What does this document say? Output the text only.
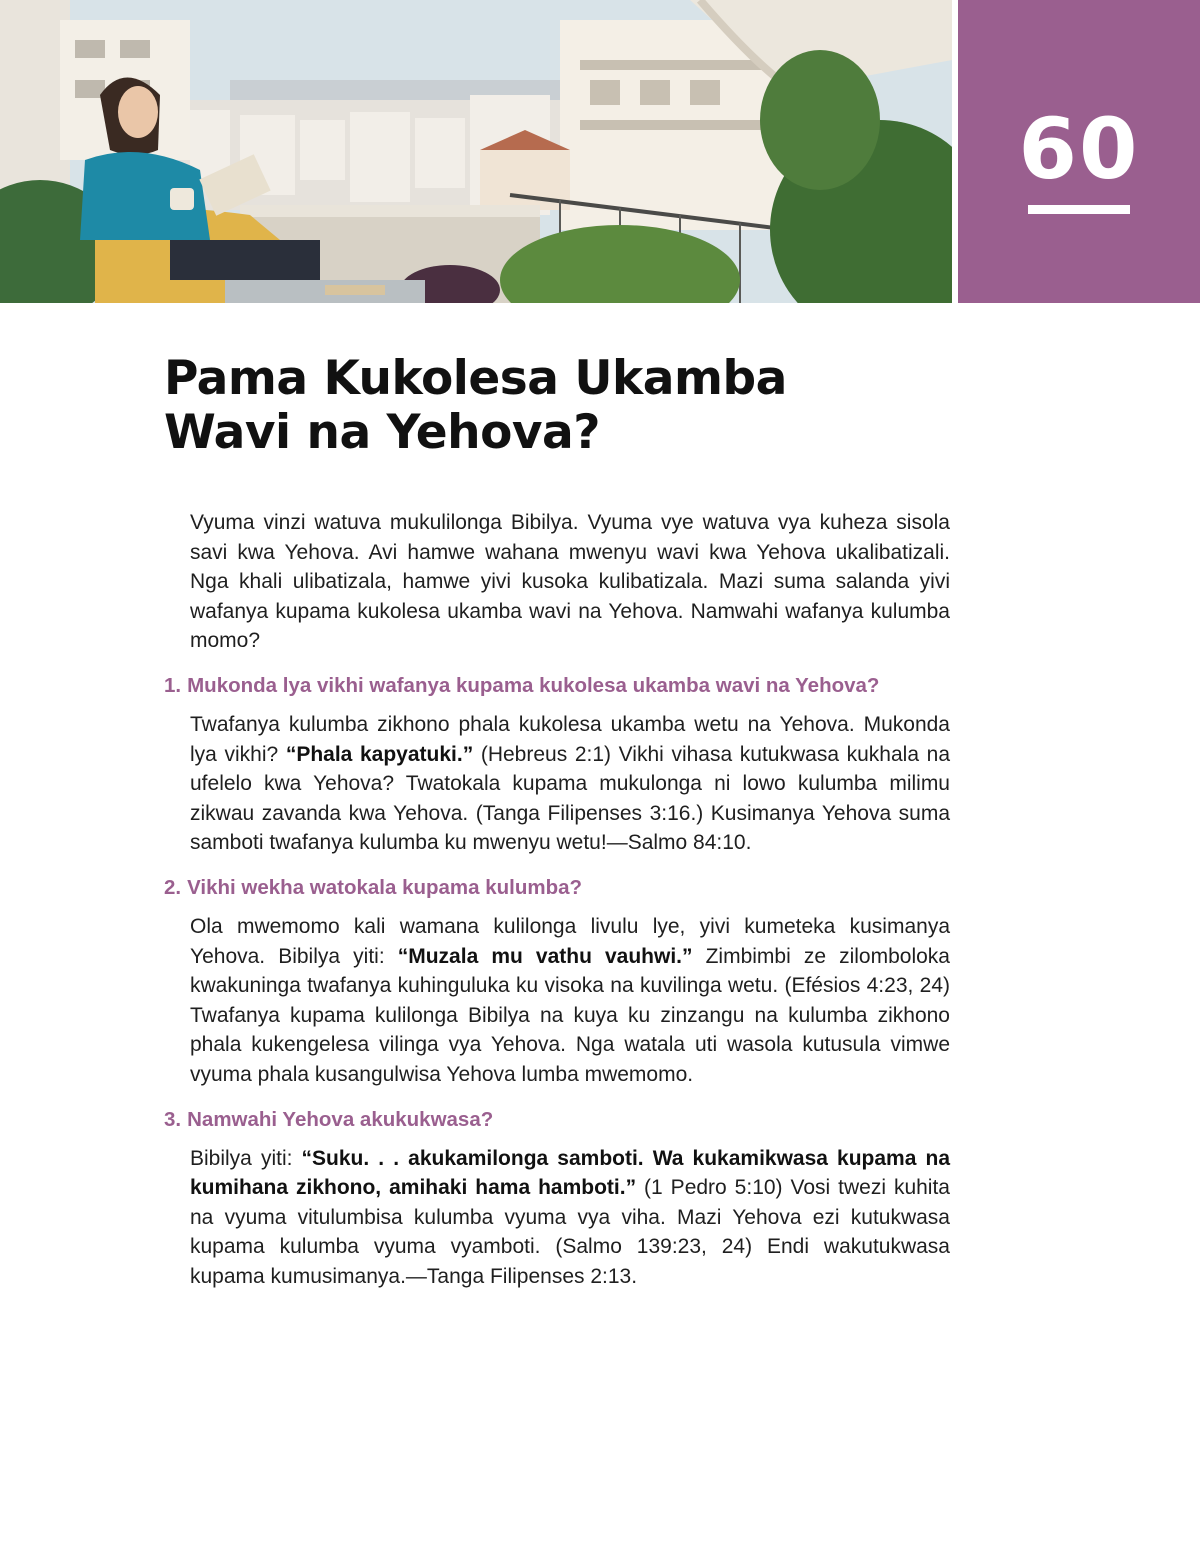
60
Pama Kukolesa Ukamba
Wavi na Yehova?

Vyuma vinzi watuva mukulilonga Bibilya. Vyuma vye watuva vya kuheza sisola savi kwa Yehova. Avi hamwe wahana mwenyu wavi kwa Yehova ukalibatizali. Nga khali ulibatizala, hamwe yivi kusoka kulibatizala. Mazi suma salanda yivi wafanya kupama kukolesa ukamba wavi na Yehova. Namwahi wafanya kulumba momo?

1. Mukonda lya vikhi wafanya kupama kukolesa ukamba wavi na Yehova?

Twafanya kulumba zikhono phala kukolesa ukamba wetu na Yehova. Mukonda lya vikhi? “Phala kapyatuki.” (Hebreus 2:1) Vikhi vihasa kutukwasa kukhala na ufelelo kwa Yehova? Twatokala kupama mukulonga ni lowo kulumba milimu zikwau zavanda kwa Yehova. (Tanga Filipenses 3:16.) Kusimanya Yehova suma samboti twafanya kulumba ku mwenyu wetu!—Salmo 84:10.

2. Vikhi wekha watokala kupama kulumba?

Ola mwemomo kali wamana kulilonga livulu lye, yivi kumeteka kusimanya Yehova. Bibilya yiti: “Muzala mu vathu vauhwi.” Zimbimbi ze zilomboloka kwakuninga twafanya kuhinguluka ku visoka na kuvilinga wetu. (Efésios 4:23, 24) Twafanya kupama kulilonga Bibilya na kuya ku zinzangu na kulumba zikhono phala kukengelesa vilinga vya Yehova. Nga watala uti wasola kutusula vimwe vyuma phala kusangulwisa Yehova lumba mwemomo.

3. Namwahi Yehova akukukwasa?

Bibilya yiti: “Suku. . . akukamilonga samboti. Wa kukamikwasa kupama na kumihana zikhono, amihaki hama hamboti.” (1 Pedro 5:10) Vosi twezi kuhita na vyuma vitulumbisa kulumba vyuma vya viha. Mazi Yehova ezi kutukwasa kupama kulumba vyuma vyamboti. (Salmo 139:23, 24) Endi wakutukwasa kupama kumusimanya.—Tanga Filipenses 2:13.
